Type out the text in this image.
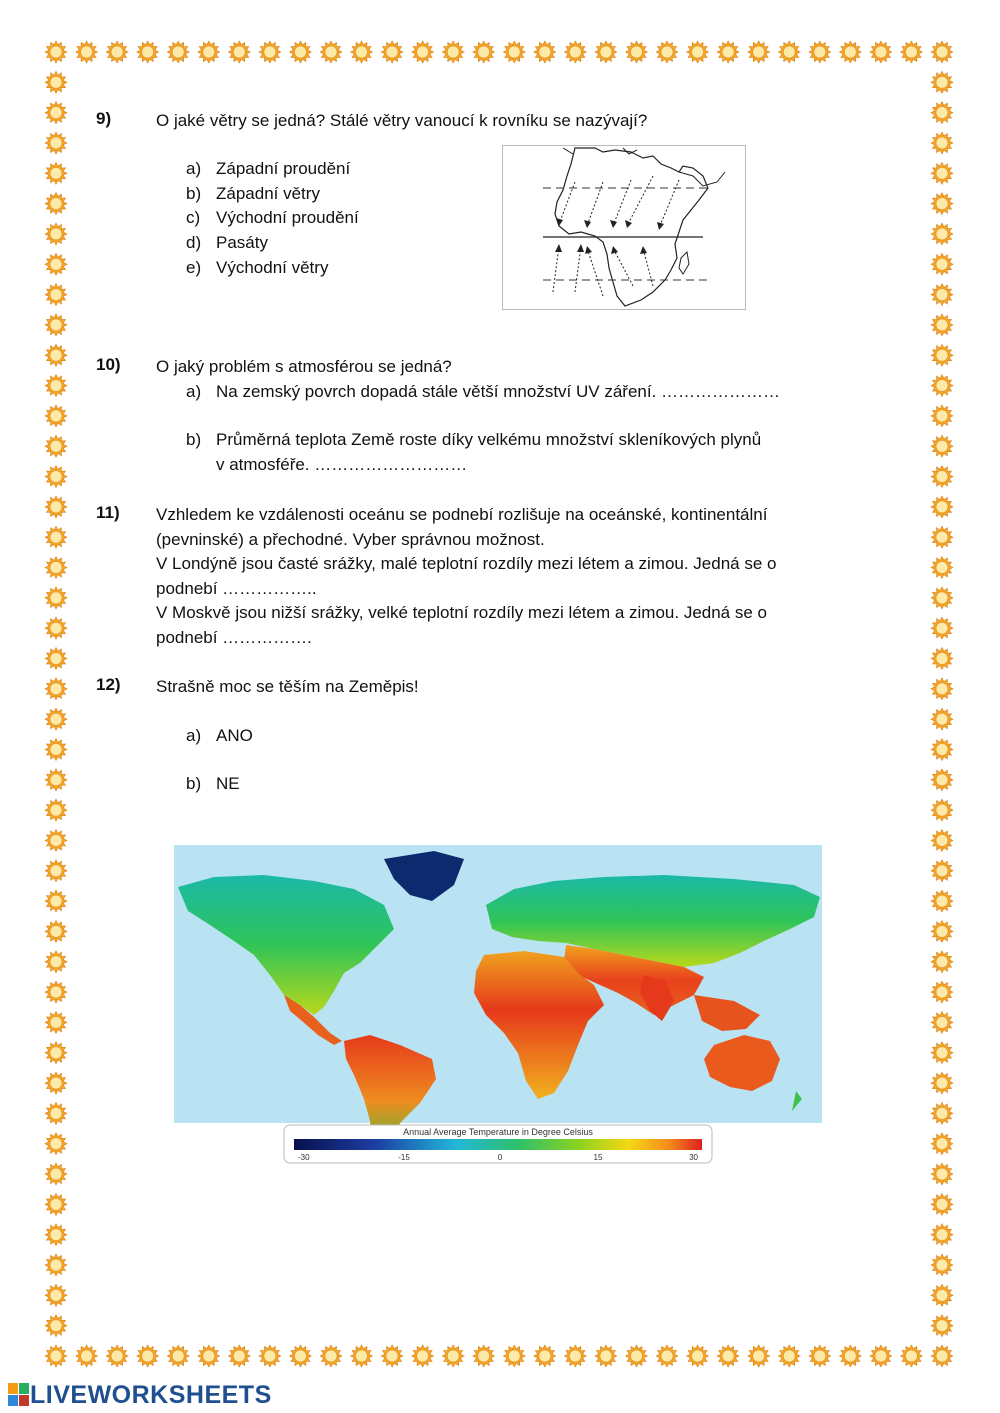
9)	O jaké větry se jedná? Stálé větry vanoucí k rovníku se nazývají?
a) Západní proudění
b) Západní větry
c) Východní proudění
d) Pasáty
e) Východní větry
10) O jaký problém s atmosférou se jedná?
a) Na zemský povrch dopadá stále větší množství UV záření. …………………
b) Průměrná teplota Země roste díky velkému množství skleníkových plynů
v atmosféře. ………………………
11) Vzhledem ke vzdálenosti oceánu se podnebí rozlišuje na oceánské, kontinentální
(pevninské) a přechodné. Vyber správnou možnost.
V Londýně jsou časté srážky, malé teplotní rozdíly mezi létem a zimou. Jedná se o
podnebí ……………..
V Moskvě jsou nižší srážky, velké teplotní rozdíly mezi létem a zimou. Jedná se o
podnebí …………….
12) Strašně moc se těším na Zeměpis!
a) ANO
b) NE
Annual Average Temperature in Degree Celsius
-30	-15	0	15	30
LIVEWORKSHEETS
